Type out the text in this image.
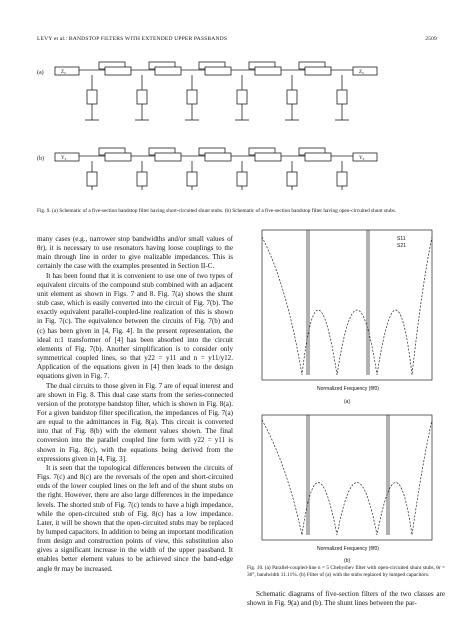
LEVY et al.: BANDSTOP FILTERS WITH EXTENDED UPPER PASSBANDS	2509
(a)
(b)
Z₀	Z₀
Y₀	Y₀
Fig. 9. (a) Schematic of a five-section bandstop filter having short-circuited shunt stubs. (b) Schematic of a five-section bandstop filter having open-circuited shunt stubs.

many cases (e.g., narrower stop bandwidths and/or small values of θr), it is necessary to use resonators having loose couplings to the main through line in order to give realizable impedances. This is certainly the case with the examples presented in Section II-C.

It has been found that it is convenient to use one of two types of equivalent circuits of the compound stub combined with an adjacent unit element as shown in Figs. 7 and 8. Fig. 7(a) shows the shunt stub case, which is easily converted into the circuit of Fig. 7(b). The exactly equivalent parallel-coupled-line realization of this is shown in Fig. 7(c). The equivalence between the circuits of Fig. 7(b) and (c) has been given in [4, Fig. 4]. In the present representation, the ideal n:1 transformer of [4] has been absorbed into the circuit elements of Fig. 7(b). Another simplification is to consider only symmetrical coupled lines, so that y22 = y11 and n = y11/y12. Application of the equations given in [4] then leads to the design equations given in Fig. 7.

The dual circuits to those given in Fig. 7 are of equal interest and are shown in Fig. 8. This dual case starts from the series-connected version of the prototype bandstop filter, which is shown in Fig. 8(a). For a given bandstop filter specification, the impedances of Fig. 7(a) are equal to the admittances in Fig. 8(a). This circuit is converted into that of Fig. 8(b) with the element values shown. The final conversion into the parallel coupled line form with y22 = y11 is shown in Fig. 8(c), with the equations being derived from the expressions given in [4, Fig. 3].

It is seen that the topological differences between the circuits of Figs. 7(c) and 8(c) are the reversals of the open and short-circuited ends of the lower coupled lines on the left and of the shunt stubs on the right. However, there are also large differences in the impedance levels. The shorted stub of Fig. 7(c) tends to have a high impedance, while the open-circuited stub of Fig. 8(c) has a low impedance. Later, it will be shown that the open-circuited stubs may be replaced by lumped capacitors. In addition to being an important modification from design and construction points of view, this substitution also gives a significant increase in the width of the upper passband. It enables better element values to be achieved since the band-edge angle θr may be increased.

S11
S21
Normalized Frequency (f/f0)
(a)
Normalized Frequency (f/f0)
(b)
Fig. 10. (a) Parallel-coupled-line n = 5 Chebyshev filter with open-circuited shunt stubs, θr = 36°, bandwidth 11.11%. (b) Filter of (a) with the stubs replaced by lumped capacitors.

Schematic diagrams of five-section filters of the two classes are shown in Fig. 9(a) and (b). The shunt lines between the par-
